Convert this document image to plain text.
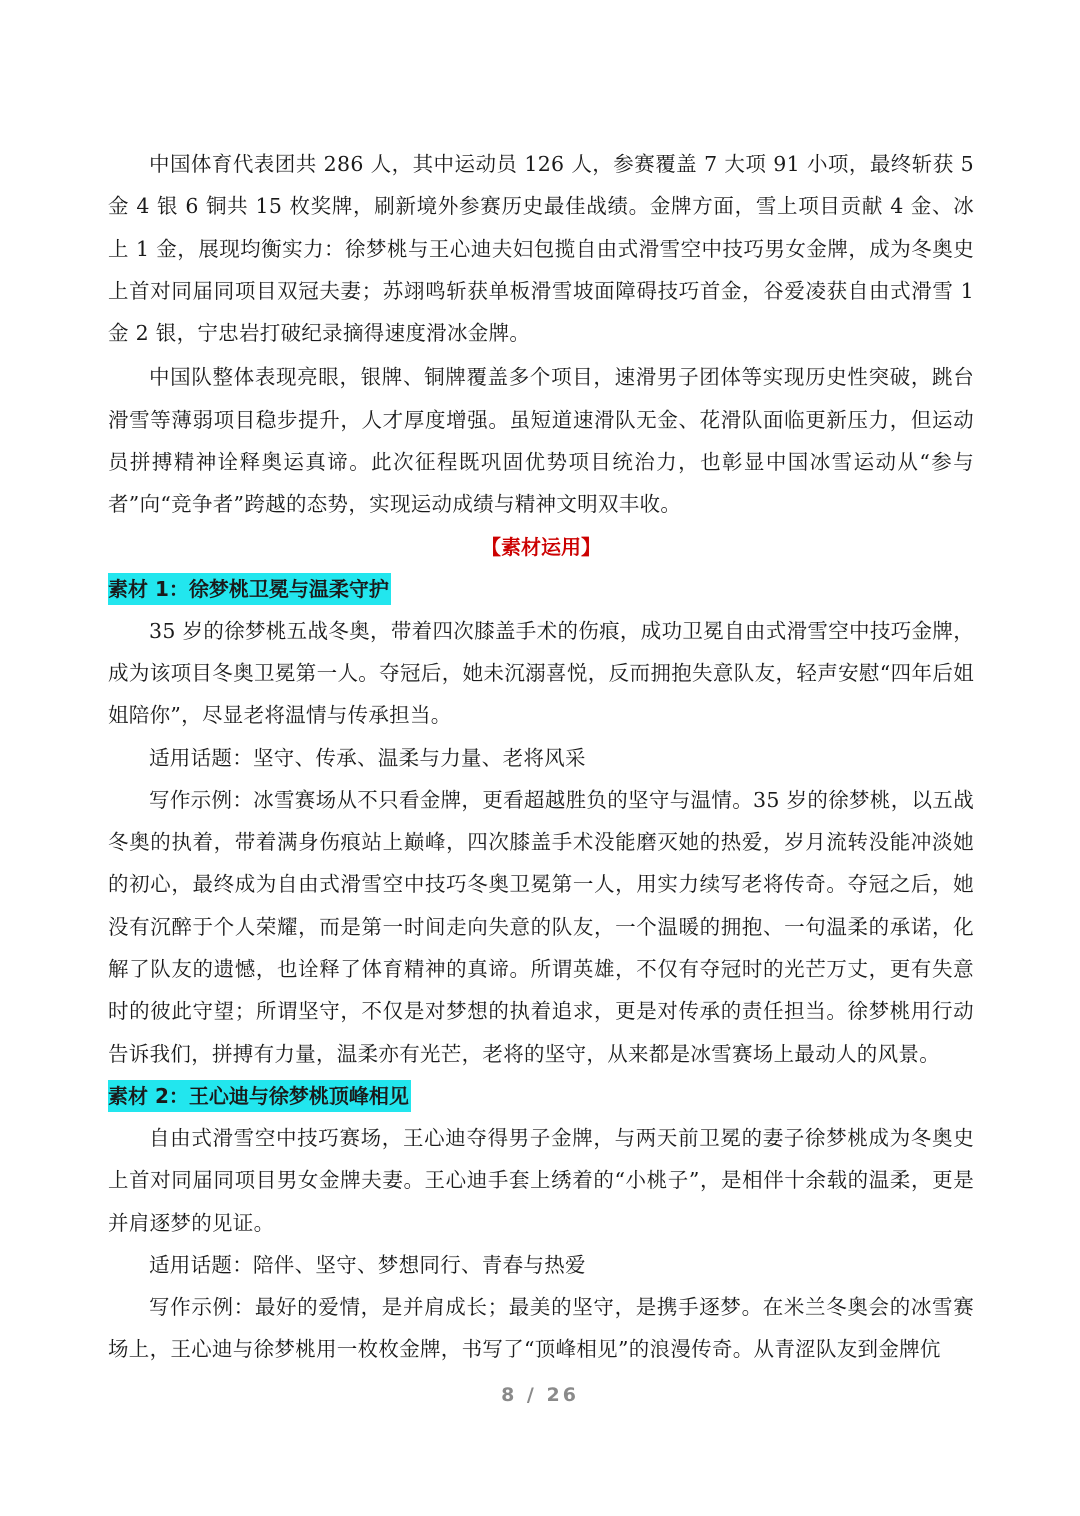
中国体育代表团共 286 人，其中运动员 126 人，参赛覆盖 7 大项 91 小项，最终斩获 5 金 4 银 6 铜共 15 枚奖牌，刷新境外参赛历史最佳战绩。金牌方面，雪上项目贡献 4 金、冰上 1 金，展现均衡实力：徐梦桃与王心迪夫妇包揽自由式滑雪空中技巧男女金牌，成为冬奥史上首对同届同项目双冠夫妻；苏翊鸣斩获单板滑雪坡面障碍技巧首金，谷爱凌获自由式滑雪 1 金 2 银，宁忠岩打破纪录摘得速度滑冰金牌。

中国队整体表现亮眼，银牌、铜牌覆盖多个项目，速滑男子团体等实现历史性突破，跳台滑雪等薄弱项目稳步提升，人才厚度增强。虽短道速滑队无金、花滑队面临更新压力，但运动员拼搏精神诠释奥运真谛。此次征程既巩固优势项目统治力，也彰显中国冰雪运动从“参与者”向“竞争者”跨越的态势，实现运动成绩与精神文明双丰收。

【素材运用】

素材 1：徐梦桃卫冕与温柔守护

35 岁的徐梦桃五战冬奥，带着四次膝盖手术的伤痕，成功卫冕自由式滑雪空中技巧金牌，成为该项目冬奥卫冕第一人。夺冠后，她未沉溺喜悦，反而拥抱失意队友，轻声安慰“四年后姐姐陪你”，尽显老将温情与传承担当。

适用话题：坚守、传承、温柔与力量、老将风采

写作示例：冰雪赛场从不只看金牌，更看超越胜负的坚守与温情。35 岁的徐梦桃，以五战冬奥的执着，带着满身伤痕站上巅峰，四次膝盖手术没能磨灭她的热爱，岁月流转没能冲淡她的初心，最终成为自由式滑雪空中技巧冬奥卫冕第一人，用实力续写老将传奇。夺冠之后，她没有沉醉于个人荣耀，而是第一时间走向失意的队友，一个温暖的拥抱、一句温柔的承诺，化解了队友的遗憾，也诠释了体育精神的真谛。所谓英雄，不仅有夺冠时的光芒万丈，更有失意时的彼此守望；所谓坚守，不仅是对梦想的执着追求，更是对传承的责任担当。徐梦桃用行动告诉我们，拼搏有力量，温柔亦有光芒，老将的坚守，从来都是冰雪赛场上最动人的风景。

素材 2：王心迪与徐梦桃顶峰相见

自由式滑雪空中技巧赛场，王心迪夺得男子金牌，与两天前卫冕的妻子徐梦桃成为冬奥史上首对同届同项目男女金牌夫妻。王心迪手套上绣着的“小桃子”，是相伴十余载的温柔，更是并肩逐梦的见证。

适用话题：陪伴、坚守、梦想同行、青春与热爱

写作示例：最好的爱情，是并肩成长；最美的坚守，是携手逐梦。在米兰冬奥会的冰雪赛场上，王心迪与徐梦桃用一枚枚金牌，书写了“顶峰相见”的浪漫传奇。从青涩队友到金牌伉

8 / 26
